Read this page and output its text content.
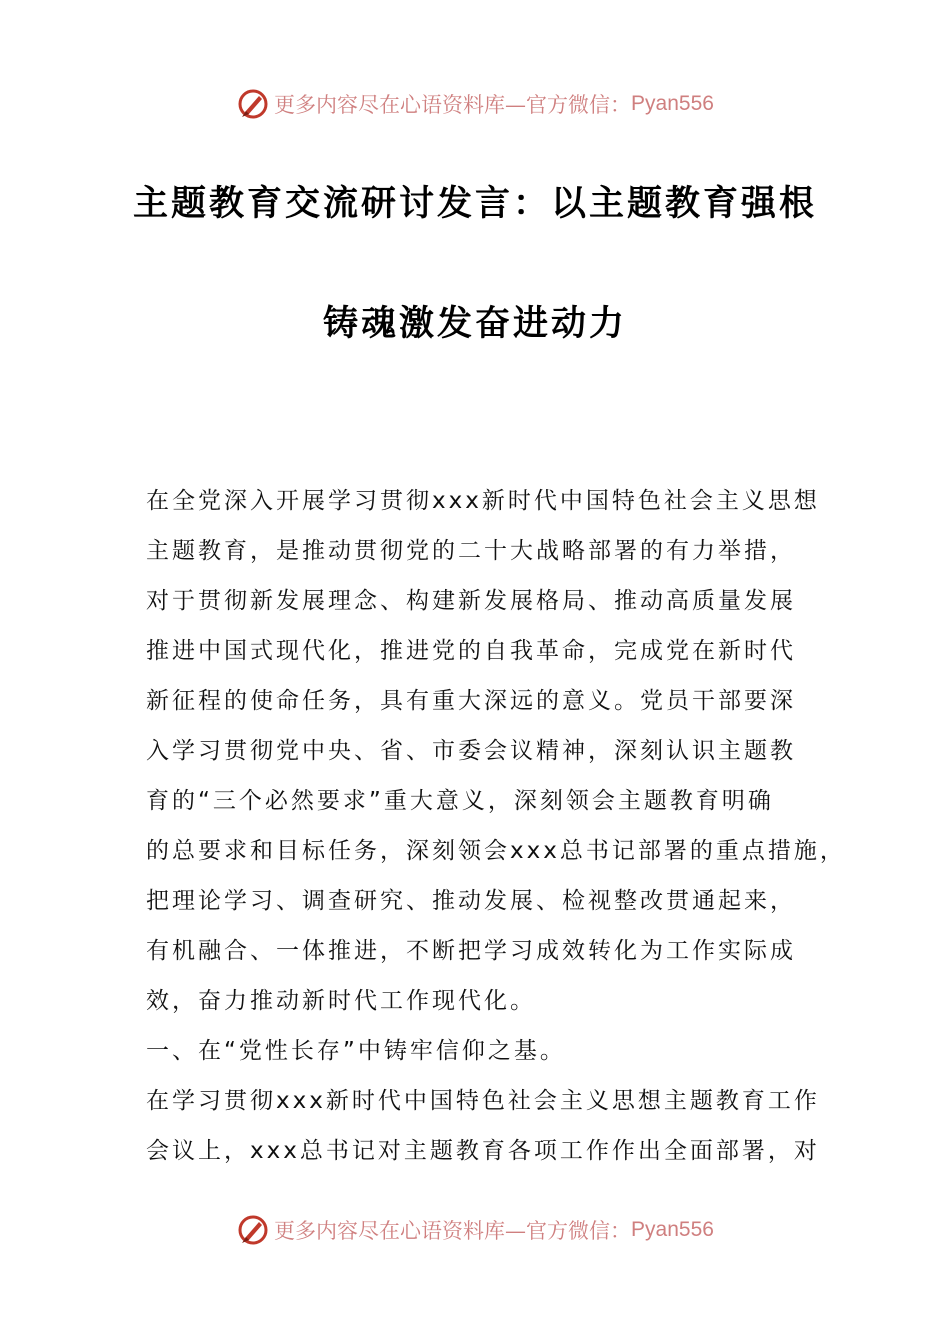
更多内容尽在心语资料库—官方微信： Pyan556
主题教育交流研讨发言：以主题教育强根
铸魂激发奋进动力
在全党深入开展学习贯彻xxx新时代中国特色社会主义思想
主题教育，是推动贯彻党的二十大战略部署的有力举措，
对于贯彻新发展理念、构建新发展格局、推动高质量发展
推进中国式现代化，推进党的自我革命，完成党在新时代
新征程的使命任务，具有重大深远的意义。党员干部要深
入学习贯彻党中央、省、市委会议精神，深刻认识主题教
育的“三个必然要求”重大意义，深刻领会主题教育明确
的总要求和目标任务，深刻领会xxx总书记部署的重点措施，
把理论学习、调查研究、推动发展、检视整改贯通起来，
有机融合、一体推进，不断把学习成效转化为工作实际成
效，奋力推动新时代工作现代化。
一、在“党性长存”中铸牢信仰之基。
在学习贯彻xxx新时代中国特色社会主义思想主题教育工作
会议上，xxx总书记对主题教育各项工作作出全面部署，对
更多内容尽在心语资料库—官方微信： Pyan556
